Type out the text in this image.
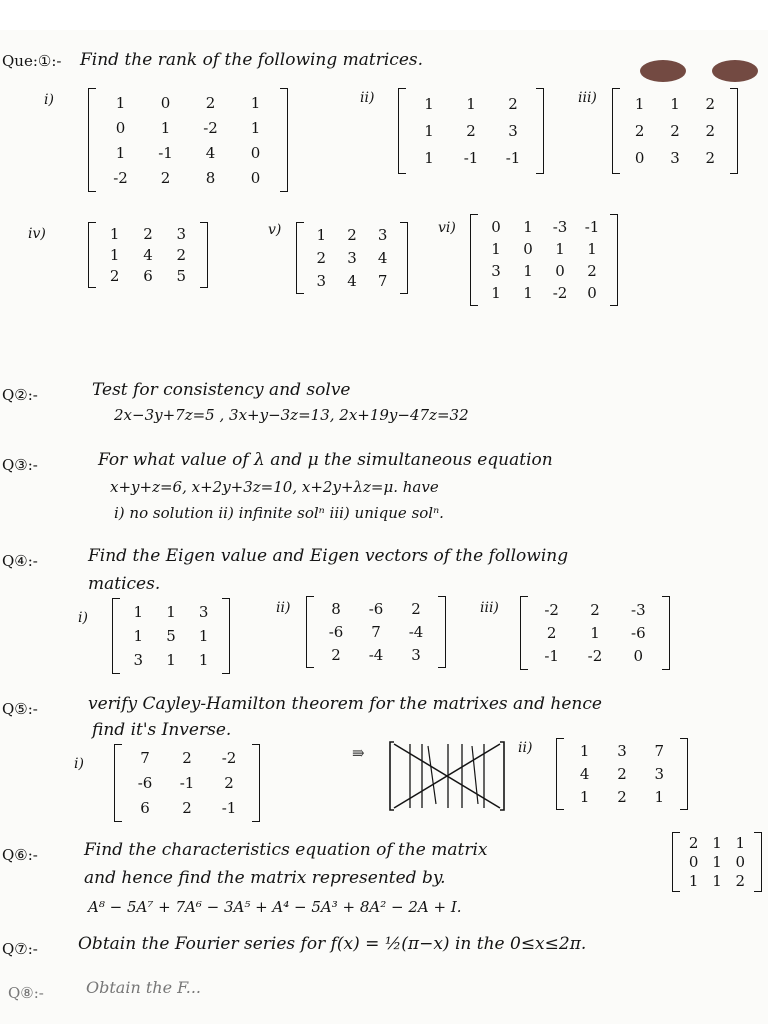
Que:①:- Find the rank of the following matrices.
i)	1 0 2 1
0 1 -2 1
1 -1 4 0
-2 2 8 0
ii)	1 1 2
1 2 3
1 -1 -1
iii)	1 1 2
2 2 2
0 3 2
iv)	1 2 3
1 4 2
2 6 5
v) 1 2 3
2 3 4
3 4 7
vi) 0 1 -3 -1
1 0 1 1
3 1 0 2
1 1 -2 0
Q②:-	Test for consistency and solve
2x−3y+7z=5 , 3x+y−3z=13, 2x+19y−47z=32
Q③:-	For what value of λ and μ the simultaneous equation
x+y+z=6, x+2y+3z=10, x+2y+λz=μ. have
i) no solution ii) infinite solⁿ iii) unique solⁿ.
Q④:-	Find the Eigen value and Eigen vectors of the following
matices.
i)	1 1 3
1 5 1
3 1 1
ii)	8 -6 2
-6 7 -4
2 -4 3
iii)	-2 2 -3
2 1 -6
-1 -2 0
Q⑤:-	verify Cayley-Hamilton theorem for the matrixes and hence
find it's Inverse.
i)	7 2 -2
-6 -1 2
6 2 -1
⇛	ii)	1 3 7
4 2 3
1 2 1
Q⑥:-	Find the characteristics equation of the matrix
and hence find the matrix represented by.
A⁸ − 5A⁷ + 7A⁶ − 3A⁵ + A⁴ − 5A³ + 8A² − 2A + I.
2 1 1
0 1 0
1 1 2
Q⑦:- Obtain the Fourier series for f(x) = ½(π−x) in the 0≤x≤2π.
Q⑧:-	Obtain the F...
